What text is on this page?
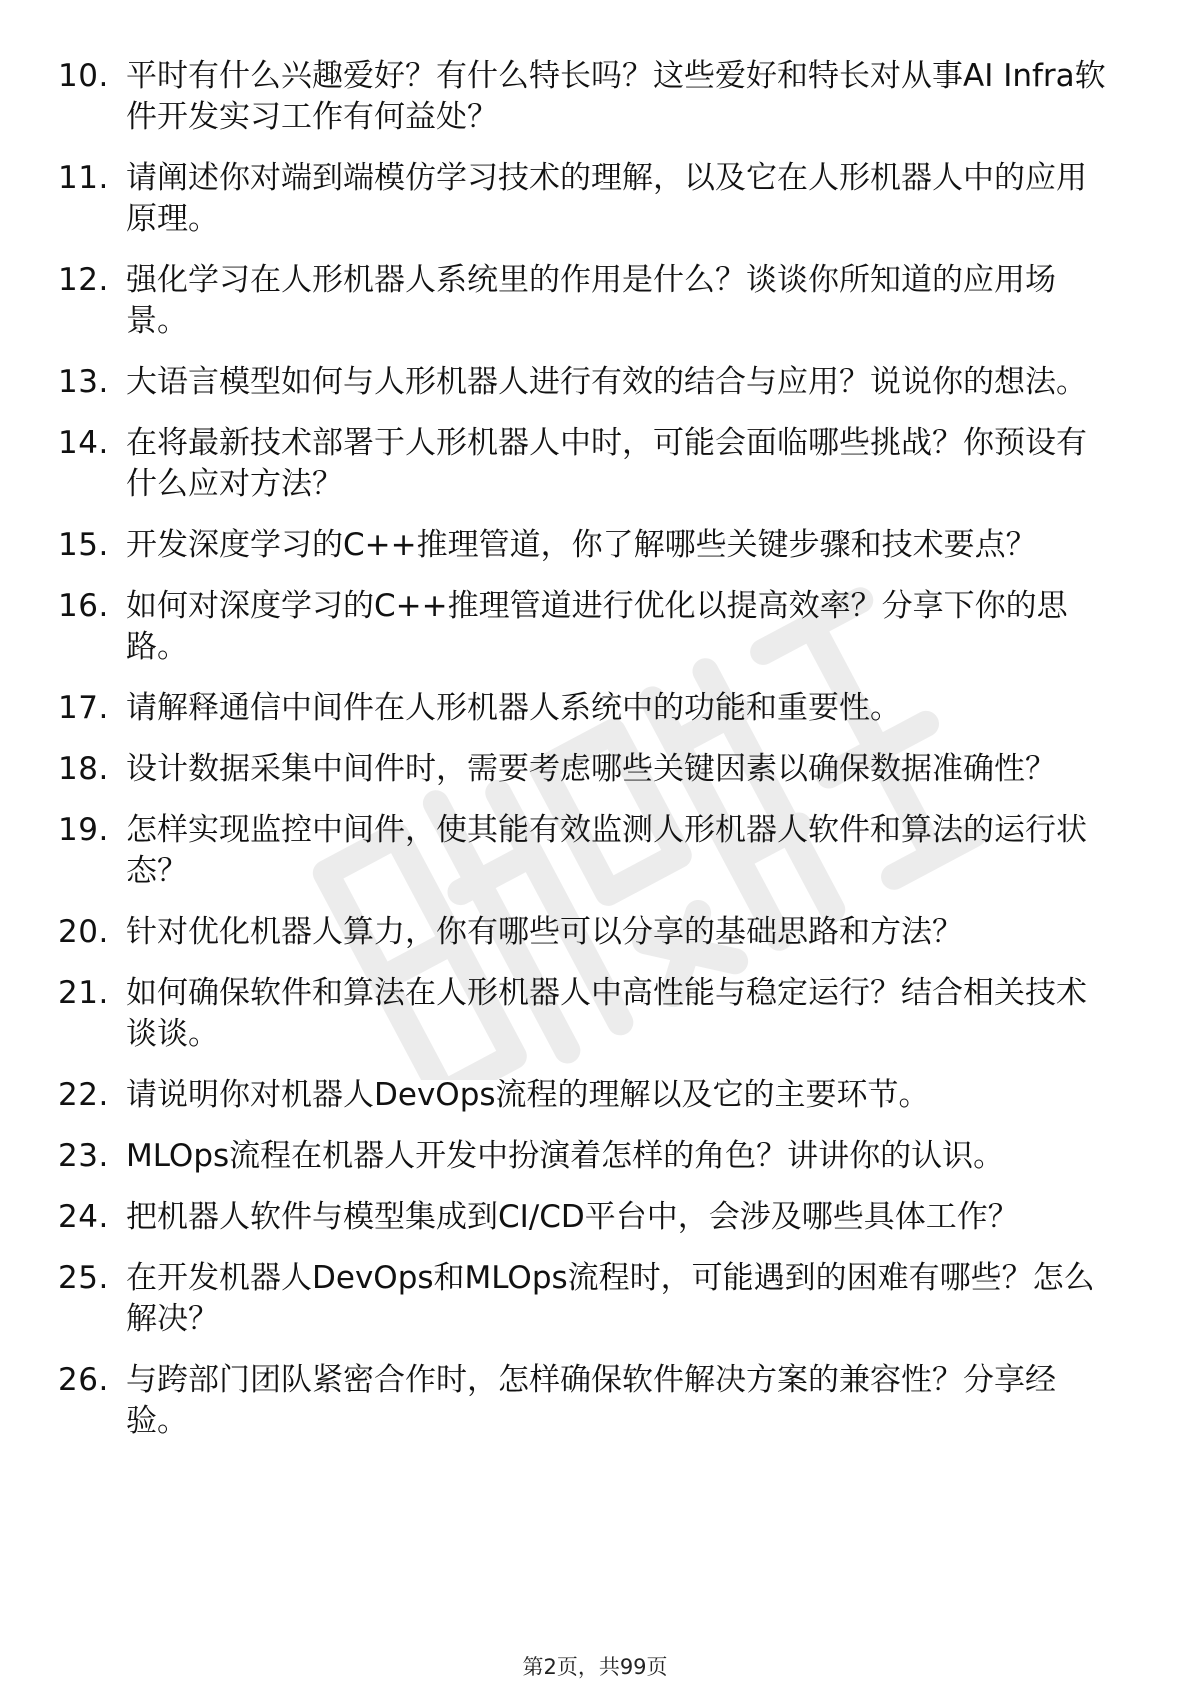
10. 平时有什么兴趣爱好？有什么特长吗？这些爱好和特长对从事AI Infra软件开发实习工作有何益处？
11. 请阐述你对端到端模仿学习技术的理解，以及它在人形机器人中的应用原理。
12. 强化学习在人形机器人系统里的作用是什么？谈谈你所知道的应用场景。
13. 大语言模型如何与人形机器人进行有效的结合与应用？说说你的想法。
14. 在将最新技术部署于人形机器人中时，可能会面临哪些挑战？你预设有什么应对方法？
15. 开发深度学习的C++推理管道，你了解哪些关键步骤和技术要点？
16. 如何对深度学习的C++推理管道进行优化以提高效率？分享下你的思路。
17. 请解释通信中间件在人形机器人系统中的功能和重要性。
18. 设计数据采集中间件时，需要考虑哪些关键因素以确保数据准确性？
19. 怎样实现监控中间件，使其能有效监测人形机器人软件和算法的运行状态？
20. 针对优化机器人算力，你有哪些可以分享的基础思路和方法？
21. 如何确保软件和算法在人形机器人中高性能与稳定运行？结合相关技术谈谈。
22. 请说明你对机器人DevOps流程的理解以及它的主要环节。
23. MLOps流程在机器人开发中扮演着怎样的角色？讲讲你的认识。
24. 把机器人软件与模型集成到CI/CD平台中，会涉及哪些具体工作？
25. 在开发机器人DevOps和MLOps流程时，可能遇到的困难有哪些？怎么解决？
26. 与跨部门团队紧密合作时，怎样确保软件解决方案的兼容性？分享经验。
第2页，共99页
